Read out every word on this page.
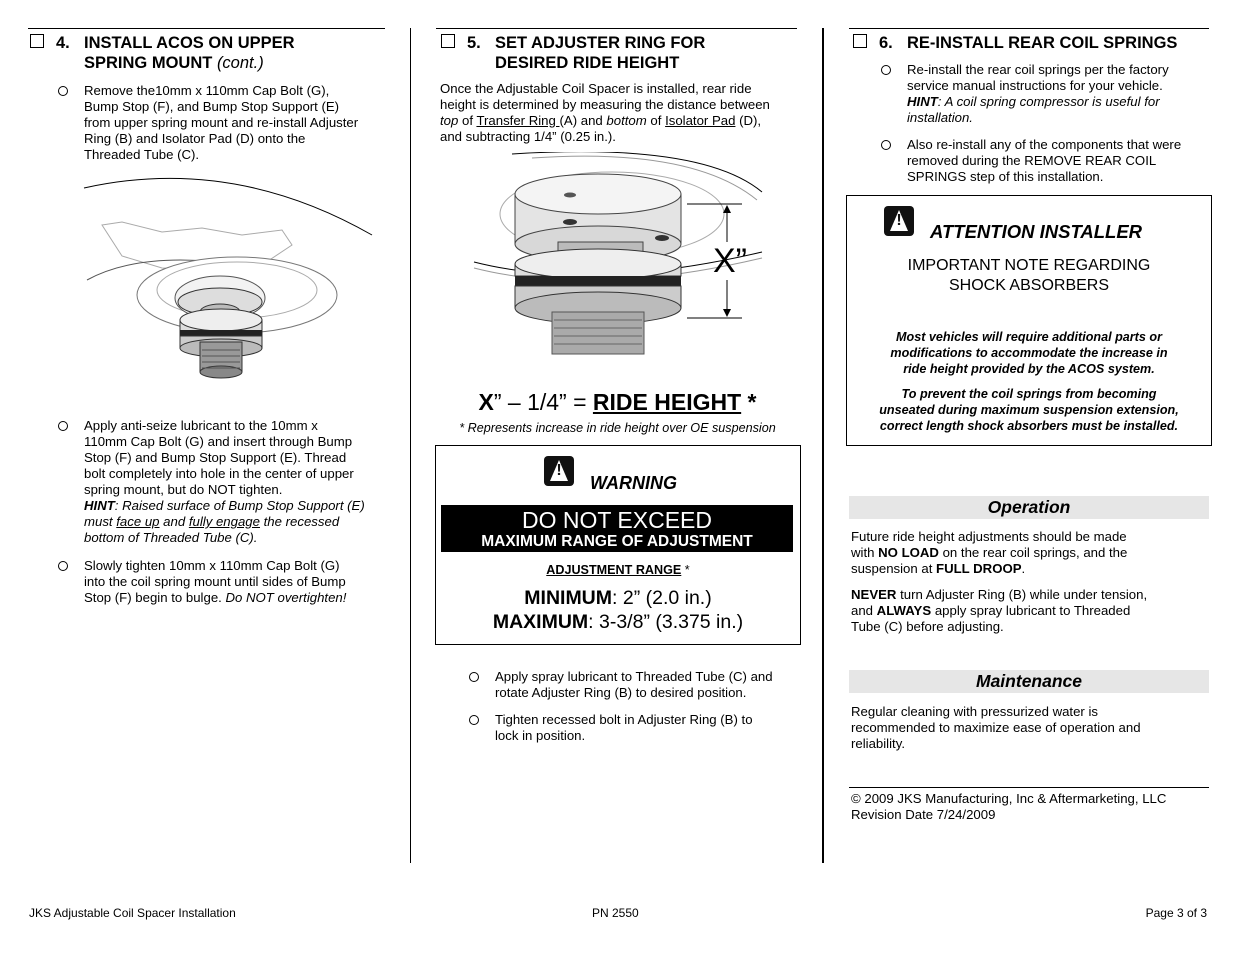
4. INSTALL ACOS ON UPPER
SPRING MOUNT (cont.)
Remove the10mm x 110mm Cap Bolt (G),
Bump Stop (F), and Bump Stop Support (E)
from upper spring mount and re-install Adjuster
Ring (B) and Isolator Pad (D) onto the
Threaded Tube (C).
Apply anti-seize lubricant to the 10mm x
110mm Cap Bolt (G) and insert through Bump
Stop (F) and Bump Stop Support (E). Thread
bolt completely into hole in the center of upper
spring mount, but do NOT tighten.
HINT: Raised surface of Bump Stop Support (E)
must face up and fully engage the recessed
bottom of Threaded Tube (C).
Slowly tighten 10mm x 110mm Cap Bolt (G)
into the coil spring mount until sides of Bump
Stop (F) begin to bulge. Do NOT overtighten!
5. SET ADJUSTER RING FOR
DESIRED RIDE HEIGHT
Once the Adjustable Coil Spacer is installed, rear ride
height is determined by measuring the distance between
top of Transfer Ring (A) and bottom of Isolator Pad (D),
and subtracting 1/4” (0.25 in.).
X”
X” – 1/4” = RIDE HEIGHT *
* Represents increase in ride height over OE suspension
!
WARNING
DO NOT EXCEED
MAXIMUM RANGE OF ADJUSTMENT
ADJUSTMENT RANGE *
MINIMUM: 2” (2.0 in.)
MAXIMUM: 3-3/8” (3.375 in.)
Apply spray lubricant to Threaded Tube (C) and
rotate Adjuster Ring (B) to desired position.
Tighten recessed bolt in Adjuster Ring (B) to
lock in position.
6. RE-INSTALL REAR COIL SPRINGS
Re-install the rear coil springs per the factory
service manual instructions for your vehicle.
HINT: A coil spring compressor is useful for
installation.
Also re-install any of the components that were
removed during the REMOVE REAR COIL
SPRINGS step of this installation.
!
ATTENTION INSTALLER
IMPORTANT NOTE REGARDING
SHOCK ABSORBERS
Most vehicles will require additional parts or
modifications to accommodate the increase in
ride height provided by the ACOS system.
To prevent the coil springs from becoming
unseated during maximum suspension extension,
correct length shock absorbers must be installed.
Operation
Future ride height adjustments should be made
with NO LOAD on the rear coil springs, and the
suspension at FULL DROOP.
NEVER turn Adjuster Ring (B) while under tension,
and ALWAYS apply spray lubricant to Threaded
Tube (C) before adjusting.
Maintenance
Regular cleaning with pressurized water is
recommended to maximize ease of operation and
reliability.
© 2009 JKS Manufacturing, Inc & Aftermarketing, LLC
Revision Date 7/24/2009
JKS Adjustable Coil Spacer Installation	PN 2550	Page 3 of 3
